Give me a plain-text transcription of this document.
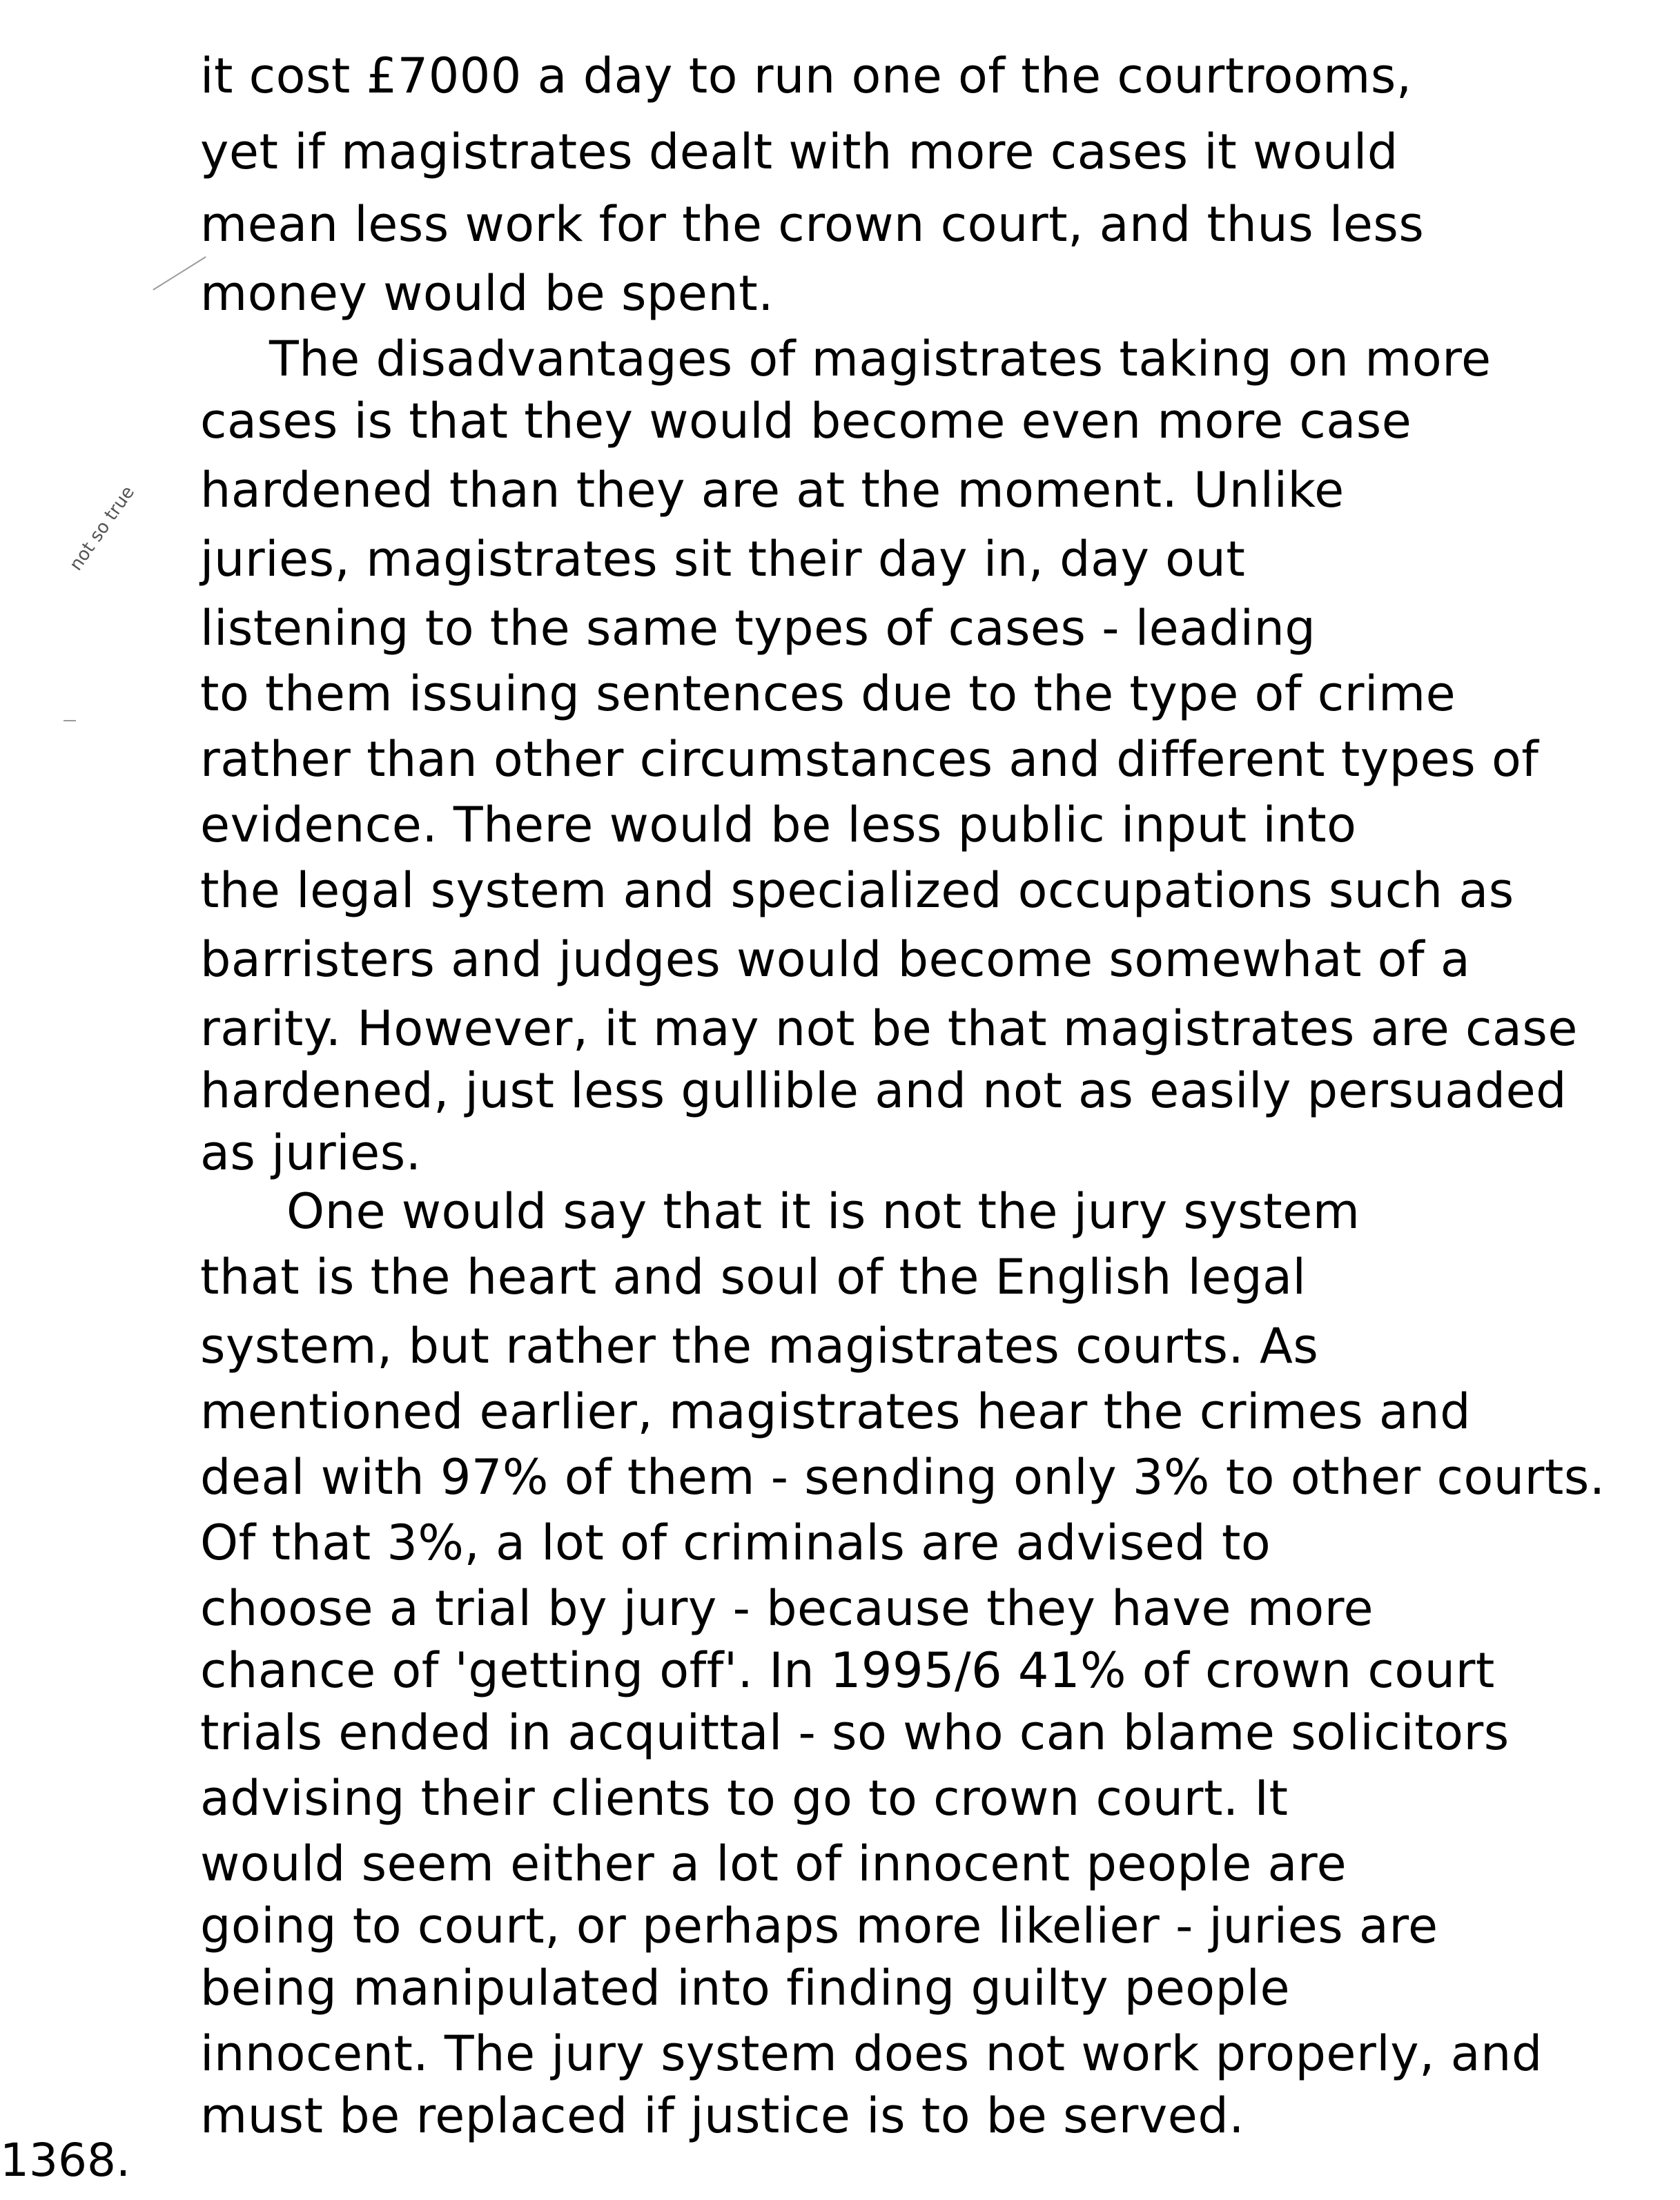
not so true
it cost £7000 a day to run one of the courtrooms,
yet if magistrates dealt with more cases it would
mean less work for the crown court, and thus less
money would be spent.
The disadvantages of magistrates taking on more
cases is that they would become even more case
hardened than they are at the moment. Unlike
juries, magistrates sit their day in, day out
listening to the same types of cases - leading
to them issuing sentences due to the type of crime
rather than other circumstances and different types of
evidence. There would be less public input into
the legal system and specialized occupations such as
barristers and judges would become somewhat of a
rarity. However, it may not be that magistrates are case
hardened, just less gullible and not as easily persuaded
as juries.
One would say that it is not the jury system
that is the heart and soul of the English legal
system, but rather the magistrates courts. As
mentioned earlier, magistrates hear the crimes and
deal with 97% of them - sending only 3% to other courts.
Of that 3%, a lot of criminals are advised to
choose a trial by jury - because they have more
chance of 'getting off'. In 1995/6 41% of crown court
trials ended in acquittal - so who can blame solicitors
advising their clients to go to crown court. It
would seem either a lot of innocent people are
going to court, or perhaps more likelier - juries are
being manipulated into finding guilty people
innocent. The jury system does not work properly, and
must be replaced if justice is to be served.
1368.
